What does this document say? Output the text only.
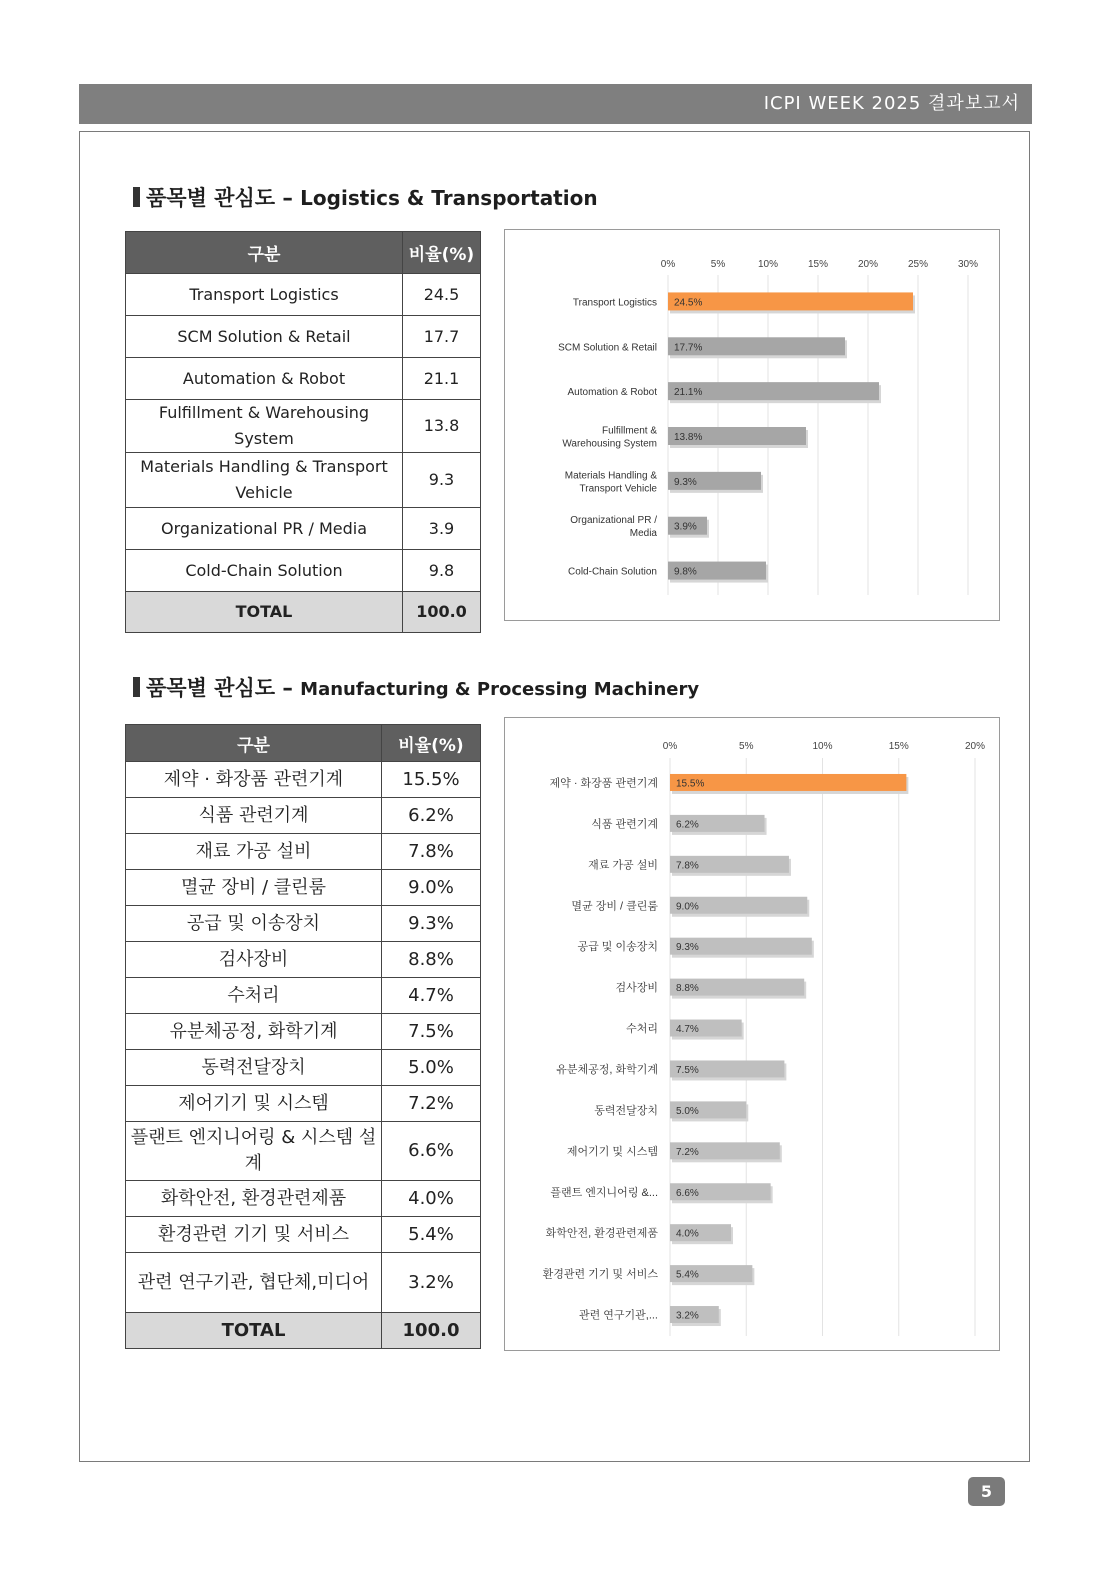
ICPI WEEK 2025 결과보고서
품목별 관심도 – Logistics & Transportation
구분	비율(%)
Transport Logistics	24.5
SCM Solution & Retail	17.7
Automation & Robot	21.1
Fulfillment & Warehousing System	13.8
Materials Handling & Transport Vehicle	9.3
Organizational PR / Media	3.9
Cold-Chain Solution	9.8
TOTAL	100.0
0%	5%	10%	15%	20%	25%	30%
24.5%
Transport Logistics
17.7%
SCM Solution & Retail
21.1%
Automation & Robot
13.8%
Fulfillment &
Warehousing System
9.3%
Materials Handling &
Transport Vehicle
3.9%
Organizational PR /
Media
9.8%
Cold-Chain Solution
품목별 관심도 – Manufacturing & Processing Machinery
구분	비율(%)
제약 · 화장품 관련기계	15.5%
식품 관련기계	6.2%
재료 가공 설비	7.8%
멸균 장비 / 클린룸	9.0%
공급 및 이송장치	9.3%
검사장비	8.8%
수처리	4.7%
유분체공정, 화학기계	7.5%
동력전달장치	5.0%
제어기기 및 시스템	7.2%
플랜트 엔지니어링 & 시스템 설계	6.6%
화학안전, 환경관련제품	4.0%
환경관련 기기 및 서비스	5.4%
관련 연구기관, 협단체,미디어	3.2%
TOTAL	100.0
0%	5%	10%	15%	20%
15.5%
제약 · 화장품 관련기계
6.2%
식품 관련기계
7.8%
재료 가공 설비
9.0%
멸균 장비 / 클린룸
9.3%
공급 및 이송장치
8.8%
검사장비
4.7%
수처리
7.5%
유분체공정, 화학기계
5.0%
동력전달장치
7.2%
제어기기 및 시스템
6.6%
플랜트 엔지니어링 &...
4.0%
화학안전, 환경관련제품
5.4%
환경관련 기기 및 서비스
3.2%
관련 연구기관,...
5
